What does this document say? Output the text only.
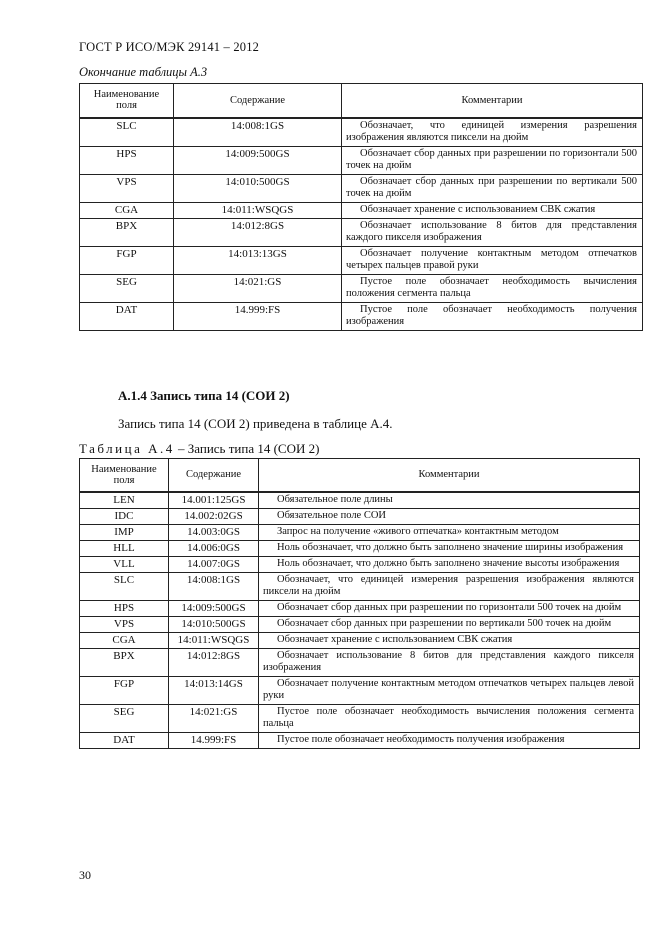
ГОСТ Р ИСО/МЭК 29141 – 2012
Окончание таблицы А.3
Наименование поля	Содержание	Комментарии
SLC	14:008:1GS	Обозначает, что единицей измерения разрешения изображения являются пиксели на дюйм
HPS	14:009:500GS	Обозначает сбор данных при разрешении по горизонтали 500 точек на дюйм
VPS	14:010:500GS	Обозначает сбор данных при разрешении по вертикали 500 точек на дюйм
CGA	14:011:WSQGS	Обозначает хранение с использованием СВК сжатия
BPX	14:012:8GS	Обозначает использование 8 битов для представления каждого пикселя изображения
FGP	14:013:13GS	Обозначает получение контактным методом отпечатков четырех пальцев правой руки
SEG	14:021:GS	Пустое поле обозначает необходимость вычисления положения сегмента пальца
DAT	14.999:FS	Пустое поле обозначает необходимость получения изображения
А.1.4 Запись типа 14 (СОИ 2)
Запись типа 14 (СОИ 2) приведена в таблице А.4.
Таблица А.4 – Запись типа 14 (СОИ 2)
Наименование поля	Содержание	Комментарии
LEN	14.001:125GS	Обязательное поле длины
IDC	14.002:02GS	Обязательное поле СОИ
IMP	14.003:0GS	Запрос на получение «живого отпечатка» контактным методом
HLL	14.006:0GS	Ноль обозначает, что должно быть заполнено значение ширины изображения
VLL	14.007:0GS	Ноль обозначает, что должно быть заполнено значение высоты изображения
SLC	14:008:1GS	Обозначает, что единицей измерения разрешения изображения являются пиксели на дюйм
HPS	14:009:500GS	Обозначает сбор данных при разрешении по горизонтали 500 точек на дюйм
VPS	14:010:500GS	Обозначает сбор данных при разрешении по вертикали 500 точек на дюйм
CGA	14:011:WSQGS	Обозначает хранение с использованием СВК сжатия
BPX	14:012:8GS	Обозначает использование 8 битов для представления каждого пикселя изображения
FGP	14:013:14GS	Обозначает получение контактным методом отпечатков четырех пальцев левой руки
SEG	14:021:GS	Пустое поле обозначает необходимость вычисления положения сегмента пальца
DAT	14.999:FS	Пустое поле обозначает необходимость получения изображения
30
